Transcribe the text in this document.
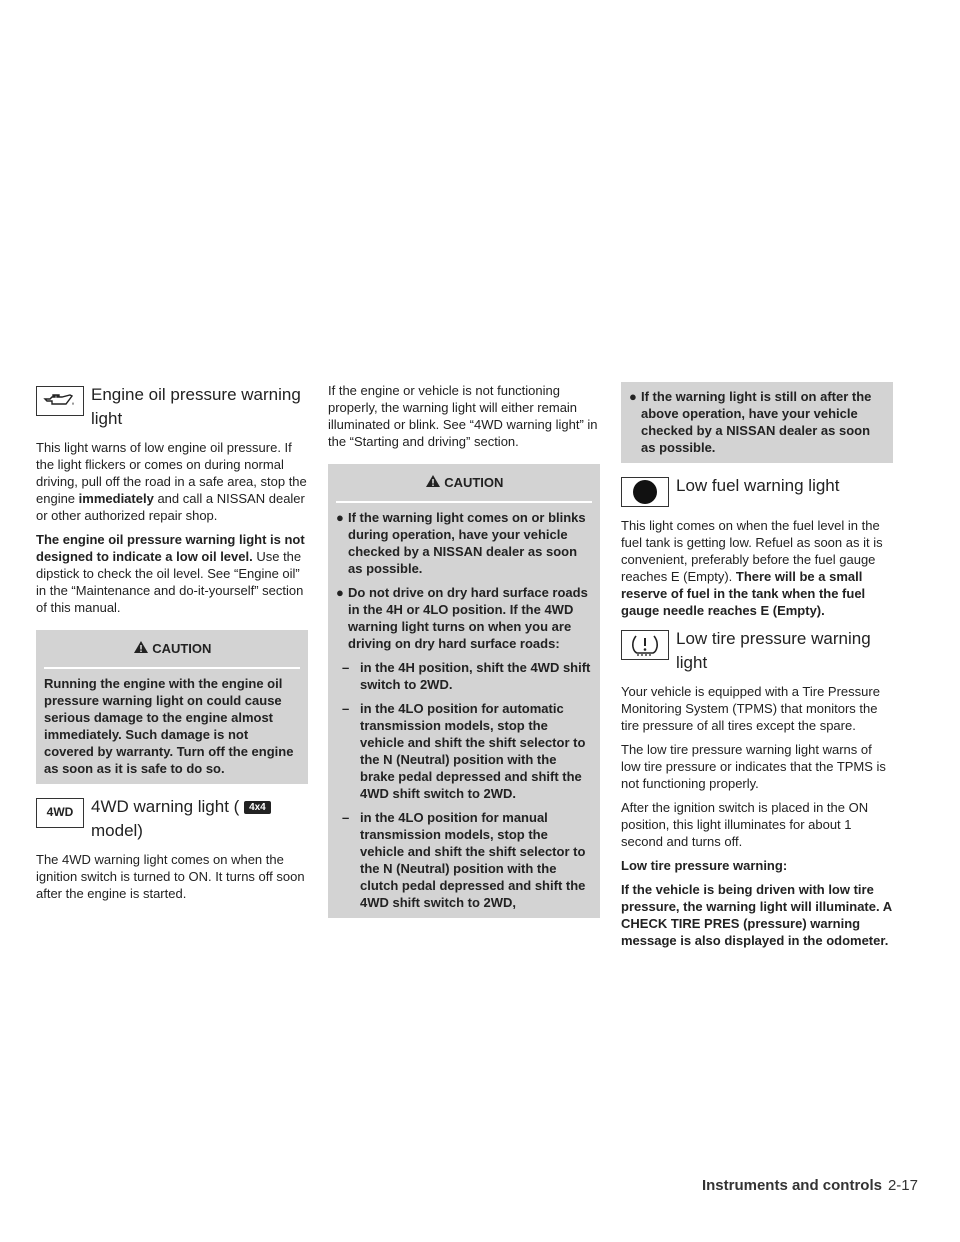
Engine oil pressure warning
light

This light warns of low engine oil pressure. If the light flickers or comes on during normal driving, pull off the road in a safe area, stop the engine immediately and call a NISSAN dealer or other authorized repair shop.

The engine oil pressure warning light is not designed to indicate a low oil level. Use the dipstick to check the oil level. See “Engine oil” in the “Maintenance and do-it-yourself” section of this manual.

CAUTION
Running the engine with the engine oil pressure warning light on could cause serious damage to the engine almost immediately. Such damage is not covered by warranty. Turn off the engine as soon as it is safe to do so.
4WD 4WD warning light ( 4x4
model)

The 4WD warning light comes on when the ignition switch is turned to ON. It turns off soon after the engine is started.

If the engine or vehicle is not functioning properly, the warning light will either remain illuminated or blink. See “4WD warning light” in the “Starting and driving” section.

CAUTION
● If the warning light comes on or blinks during operation, have your vehicle checked by a NISSAN dealer as soon as possible.
● Do not drive on dry hard surface roads in the 4H or 4LO position. If the 4WD warning light turns on when you are driving on dry hard surface roads:
– in the 4H position, shift the 4WD shift switch to 2WD.
– in the 4LO position for automatic transmission models, stop the vehicle and shift the shift selector to the N (Neutral) position with the brake pedal depressed and shift the 4WD shift switch to 2WD.
– in the 4LO position for manual transmission models, stop the vehicle and shift the shift selector to the N (Neutral) position with the clutch pedal depressed and shift the 4WD shift switch to 2WD,
● If the warning light is still on after the above operation, have your vehicle checked by a NISSAN dealer as soon as possible.
Low fuel warning light

This light comes on when the fuel level in the fuel tank is getting low. Refuel as soon as it is convenient, preferably before the fuel gauge reaches E (Empty). There will be a small reserve of fuel in the tank when the fuel gauge needle reaches E (Empty).

Low tire pressure warning light

Your vehicle is equipped with a Tire Pressure Monitoring System (TPMS) that monitors the tire pressure of all tires except the spare.

The low tire pressure warning light warns of low tire pressure or indicates that the TPMS is not functioning properly.

After the ignition switch is placed in the ON position, this light illuminates for about 1 second and turns off.

Low tire pressure warning:

If the vehicle is being driven with low tire pressure, the warning light will illuminate. A CHECK TIRE PRES (pressure) warning message is also displayed in the odometer.

Instruments and controls 2-17
